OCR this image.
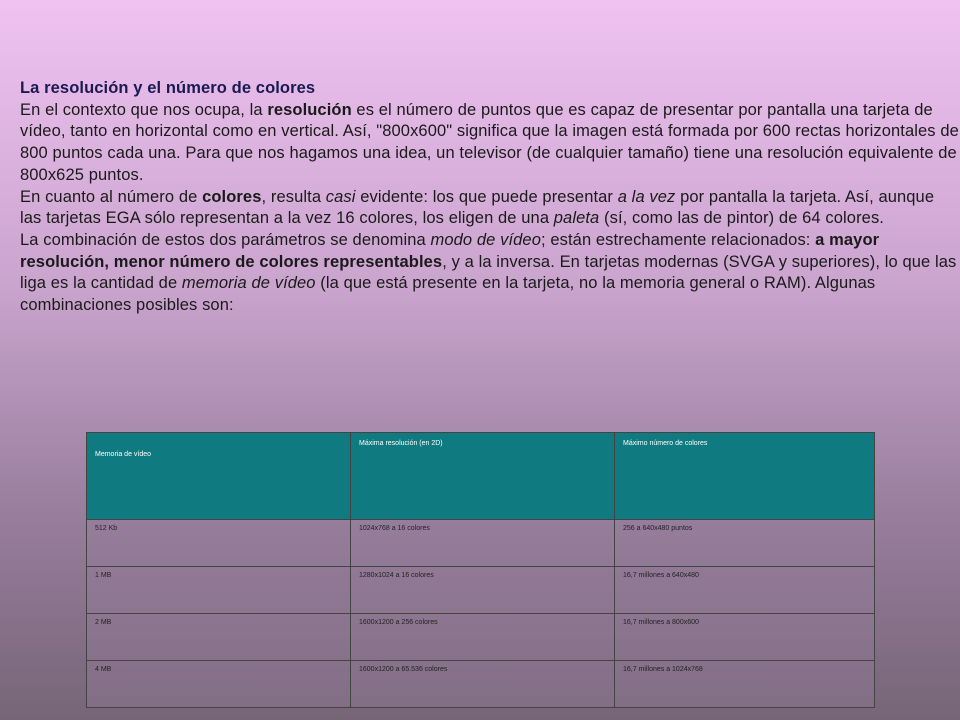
La resolución y el número de colores

En el contexto que nos ocupa, la resolución es el número de puntos que es capaz de presentar por pantalla una tarjeta de vídeo, tanto en horizontal como en vertical. Así, "800x600" significa que la imagen está formada por 600 rectas horizontales de 800 puntos cada una. Para que nos hagamos una idea, un televisor (de cualquier tamaño) tiene una resolución equivalente de 800x625 puntos.

En cuanto al número de colores, resulta casi evidente: los que puede presentar a la vez por pantalla la tarjeta. Así, aunque las tarjetas EGA sólo representan a la vez 16 colores, los eligen de una paleta (sí, como las de pintor) de 64 colores.

La combinación de estos dos parámetros se denomina modo de vídeo; están estrechamente relacionados: a mayor resolución, menor número de colores representables, y a la inversa. En tarjetas modernas (SVGA y superiores), lo que las liga es la cantidad de memoria de vídeo (la que está presente en la tarjeta, no la memoria general o RAM). Algunas combinaciones posibles son:

Memoria de vídeo	Máxima resolución (en 2D)	Máximo número de colores
512 Kb	1024x768 a 16 colores	256 a 640x480 puntos
1 MB	1280x1024 a 16 colores	16,7 millones a 640x480
2 MB	1600x1200 a 256 colores	16,7 millones a 800x600
4 MB	1600x1200 a 65.536 colores	16,7 millones a 1024x768
